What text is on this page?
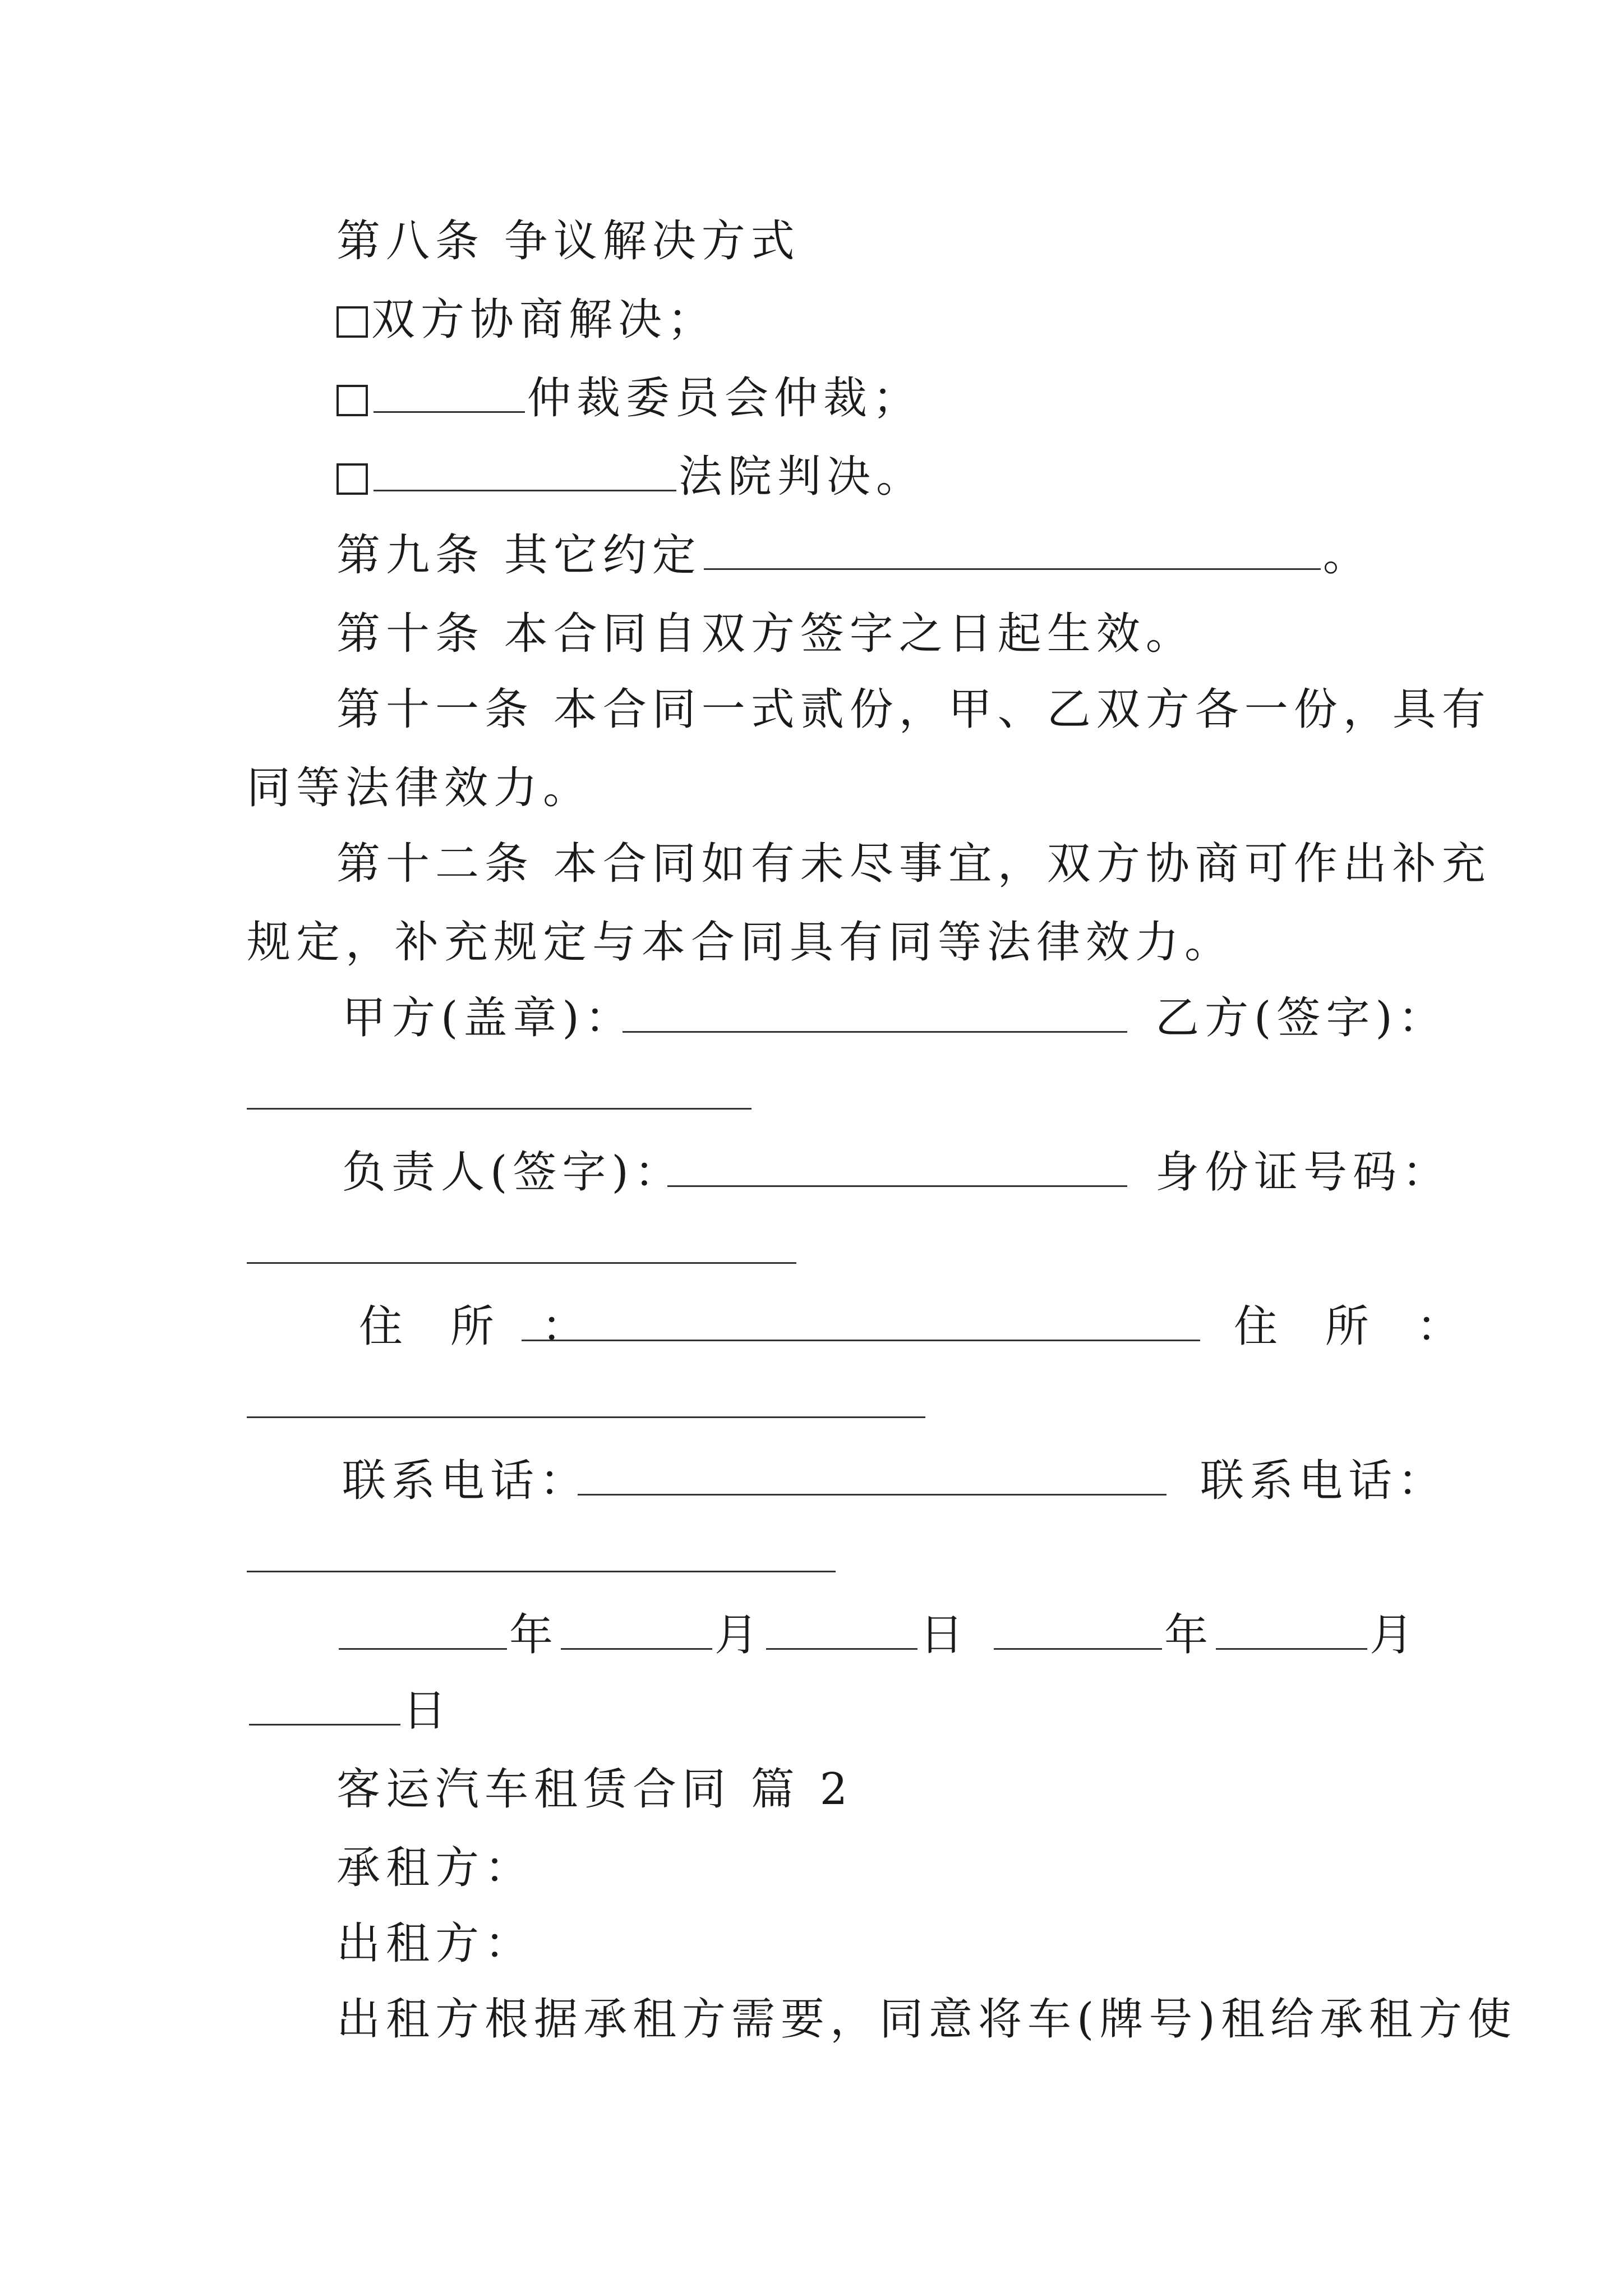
第八条 争议解决方式

双方协商解决；

仲裁委员会仲裁；

法院判决。

第九条 其它约定	。

第十条 本合同自双方签字之日起生效。

第十一条 本合同一式贰份，甲、乙双方各一份，具有

同等法律效力。

第十二条 本合同如有未尽事宜，双方协商可作出补充

规定，补充规定与本合同具有同等法律效力。

甲方(盖章)：	乙方(签字)：

负责人(签字)：	身份证号码：

住 所 ：	住 所 ：

联系电话：	联系电话：

年	月	日	年	月

日

客运汽车租赁合同 篇 2

承租方：

出租方：

出租方根据承租方需要，同意将车(牌号)租给承租方使
